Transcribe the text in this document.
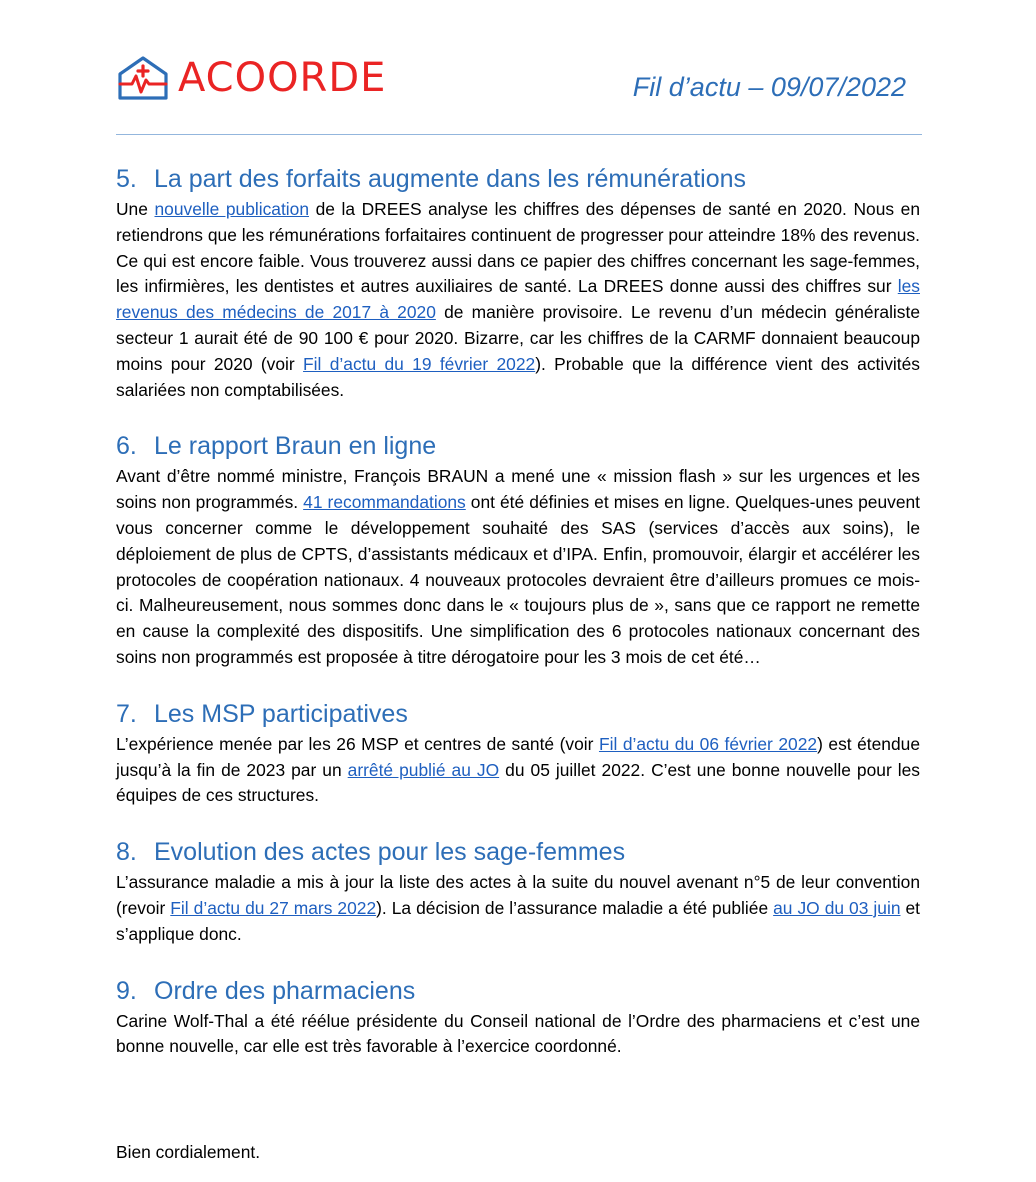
ACOORDE	Fil d’actu – 09/07/2022
5. La part des forfaits augmente dans les rémunérations

Une nouvelle publication de la DREES analyse les chiffres des dépenses de santé en 2020. Nous en retiendrons que les rémunérations forfaitaires continuent de progresser pour atteindre 18% des revenus. Ce qui est encore faible. Vous trouverez aussi dans ce papier des chiffres concernant les sage-femmes, les infirmières, les dentistes et autres auxiliaires de santé. La DREES donne aussi des chiffres sur les revenus des médecins de 2017 à 2020 de manière provisoire. Le revenu d’un médecin généraliste secteur 1 aurait été de 90 100 € pour 2020. Bizarre, car les chiffres de la CARMF donnaient beaucoup moins pour 2020 (voir Fil d’actu du 19 février 2022). Probable que la différence vient des activités salariées non comptabilisées.

6. Le rapport Braun en ligne

Avant d’être nommé ministre, François BRAUN a mené une « mission flash » sur les urgences et les soins non programmés. 41 recommandations ont été définies et mises en ligne. Quelques-unes peuvent vous concerner comme le développement souhaité des SAS (services d’accès aux soins), le déploiement de plus de CPTS, d’assistants médicaux et d’IPA. Enfin, promouvoir, élargir et accélérer les protocoles de coopération nationaux. 4 nouveaux protocoles devraient être d’ailleurs promues ce mois-ci. Malheureusement, nous sommes donc dans le « toujours plus de », sans que ce rapport ne remette en cause la complexité des dispositifs. Une simplification des 6 protocoles nationaux concernant des soins non programmés est proposée à titre dérogatoire pour les 3 mois de cet été…

7. Les MSP participatives

L’expérience menée par les 26 MSP et centres de santé (voir Fil d’actu du 06 février 2022) est étendue jusqu’à la fin de 2023 par un arrêté publié au JO du 05 juillet 2022. C’est une bonne nouvelle pour les équipes de ces structures.

8. Evolution des actes pour les sage-femmes

L’assurance maladie a mis à jour la liste des actes à la suite du nouvel avenant n°5 de leur convention (revoir Fil d’actu du 27 mars 2022). La décision de l’assurance maladie a été publiée au JO du 03 juin et s’applique donc.

9. Ordre des pharmaciens

Carine Wolf-Thal a été réélue présidente du Conseil national de l’Ordre des pharmaciens et c’est une bonne nouvelle, car elle est très favorable à l’exercice coordonné.

Bien cordialement.
